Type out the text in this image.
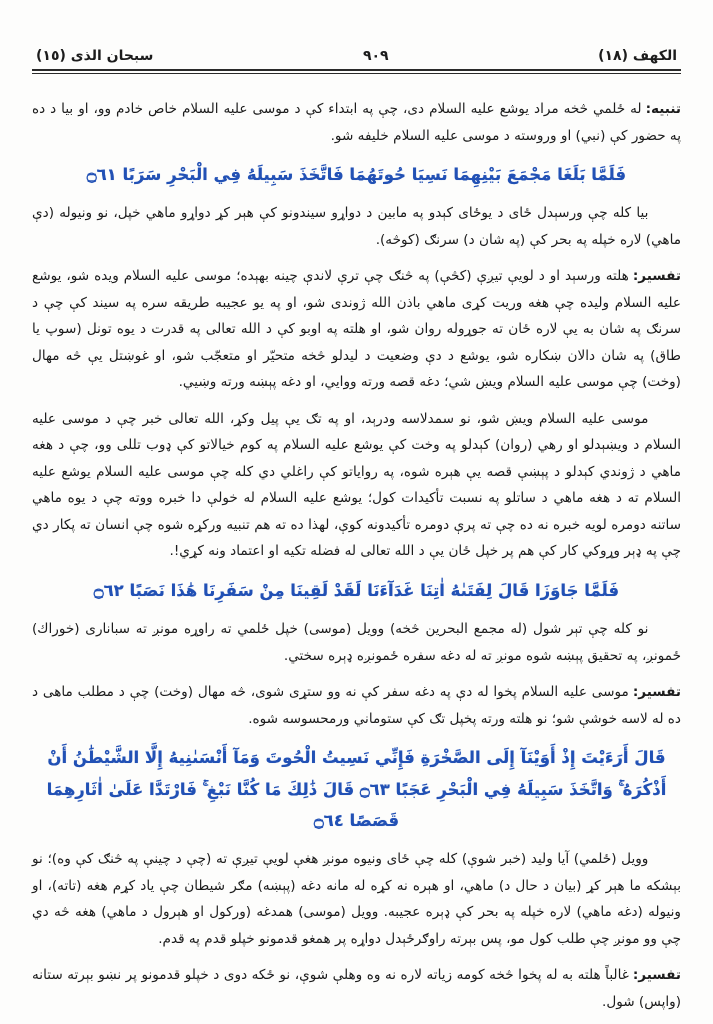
الكهف (١٨)
٩٠٩
سبحان الذى (١٥)

تنبيه:له ځلمي څخه مراد يوشع عليه السلام دى، چې په ابتداء كې د موسى عليه السلام خاص خادم وو، او بيا د ده په حضور كې (نبي) او وروسته د موسى عليه السلام خليفه شو.

فَلَمَّا بَلَغَا مَجْمَعَ بَيْنِهِمَا نَسِيَا حُوتَهُمَا فَاتَّخَذَ سَبِيلَهُ فِي الْبَحْرِ سَرَبًا ۝٦١

بيا كله چې ورسېدل ځاى د يوځاى كېدو په مابين د دواړو سيندونو كې هېر كړ دواړو ماهي خپل، نو ونيوله (دې ماهي) لاره خپله په بحر كې (په شان د) سرنګ (كوڅه).

تفسير:هلته ورسېد او د لويې تيږې (كڅې) په څنګ چې ترې لاندې چينه بهېده؛ موسى عليه السلام ويده شو، يوشع عليه السلام وليده چې هغه وريت كړى ماهي باذن الله ژوندى شو، او په يو عجيبه طريقه سره په سيند كې چې د سرنګ په شان به يې لاره ځان ته جوړوله روان شو، او هلته په اوبو كې د الله تعالى په قدرت د يوه تونل (سوپ يا طاق) په شان دالان ښكاره شو، يوشع د دې وضعيت د ليدلو څخه متحيّر او متعجّب شو، او غوښتل يې څه مهال (وخت) چې موسى عليه السلام ويښ شي؛ دغه قصه ورته ووايي، او دغه پېښه ورته وښيي.

موسى عليه السلام ويښ شو، نو سمدلاسه ودرېد، او په تګ يې پيل وكړ، الله تعالى خبر چې د موسى عليه السلام د ويښېدلو او رهي (روان) كېدلو په وخت كې يوشع عليه السلام په كوم خيالاتو كې ډوب تللى وو، چې د هغه ماهي د ژوندي كېدلو د پېښې قصه يې هېره شوه، په رواياتو كې راغلي دي كله چې موسى عليه السلام يوشع عليه السلام ته د هغه ماهي د ساتلو په نسبت تأكيدات كول؛ يوشع عليه السلام له خولې دا خبره ووته چې د يوه ماهي ساتنه دومره لويه خبره نه ده چې ته پرې دومره تأكيدونه كوې، لهذا ده ته هم تنبيه وركړه شوه چې انسان ته پكار دي چې په ډېر وړوكي كار كې هم پر خپل ځان يې د الله تعالى له فضله تكيه او اعتماد ونه كړي!.

فَلَمَّا جَاوَزَا قَالَ لِفَتَىٰهُ اٰتِنَا غَدَآءَنَا لَقَدْ لَقِينَا مِنْ سَفَرِنَا هَٰذَا نَصَبًا ۝٦٢

نو كله چې تېر شول (له مجمع البحرين څخه) وويل (موسى) خپل ځلمي ته راوړه مونږ ته سبانارى (خوراك) ځمونږ، په تحقيق پېښه شوه مونږ ته له دغه سفره ځمونږه ډېره سختي.

تفسير:موسى عليه السلام پخوا له دې په دغه سفر كې نه وو ستړى شوى، څه مهال (وخت) چې د مطلب ماهى د ده له لاسه خوشې شو؛ نو هلته ورته پخپل تګ كې ستوماني ورمحسوسه شوه.

قَالَ أَرَءَيْتَ إِذْ أَوَيْنَآ إِلَى الصَّخْرَةِ فَإِنِّي نَسِيتُ الْحُوتَ وَمَآ أَنْسَىٰنِيهُ إِلَّا الشَّيْطَٰنُ أَنْ أَذْكُرَهُ ۚ وَاتَّخَذَ سَبِيلَهُ فِي الْبَحْرِ عَجَبًا ۝٦٣ قَالَ ذَٰلِكَ مَا كُنَّا نَبْغِ ۚ فَارْتَدَّا عَلَىٰ اٰثَارِهِمَا قَصَصًا ۝٦٤

وويل (ځلمي) آيا وليد (خبر شوې) كله چې ځاى ونيوه مونږ هغې لويې تيږې ته (چې د چينې په څنګ كې وه)؛ نو بېشكه ما هېر كړ (بيان د حال د) ماهي، او هېره نه كړه له مانه دغه (پېښه) مګر شيطان چې ياد كړم هغه (تاته)، او ونيوله (دغه ماهي) لاره خپله په بحر كې ډېره عجيبه. وويل (موسى) همدغه (وركول او هېرول د ماهي) هغه څه دي چې وو مونږ چې طلب كول مو، پس بېرته راوګرځېدل دواړه پر همغو قدمونو خپلو قدم په قدم.

تفسير:غالباً هلته به له پخوا څخه كومه زياته لاره نه وه وهلې شوې، نو ځكه دوى د خپلو قدمونو پر نښو بېرته ستانه (واپس) شول.
